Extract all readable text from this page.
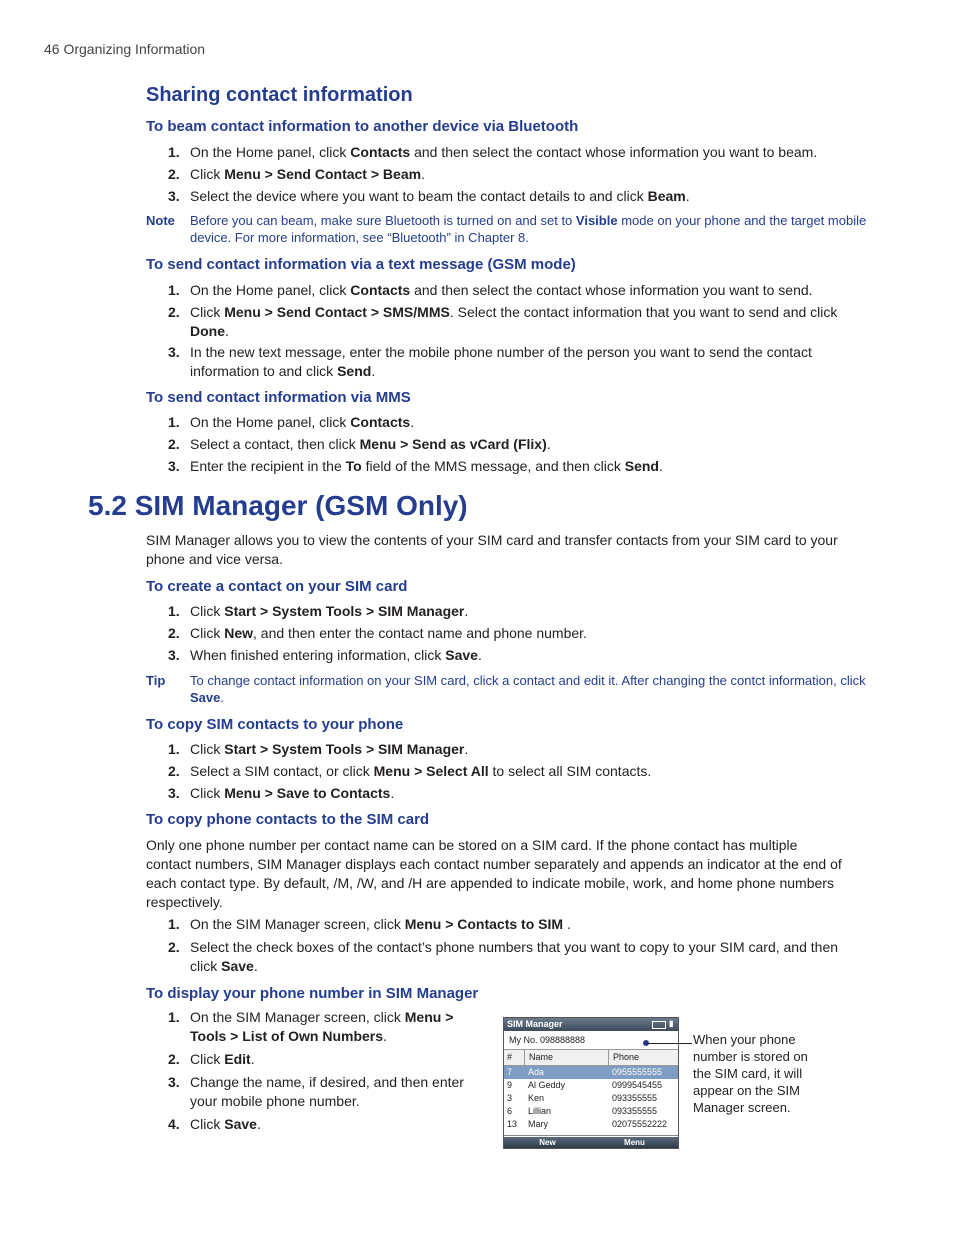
46 Organizing Information
Sharing contact information
To beam contact information to another device via Bluetooth
1. On the Home panel, click Contacts and then select the contact whose information you want to beam.
2. Click Menu > Send Contact > Beam.
3. Select the device where you want to beam the contact details to and click Beam.
Note	Before you can beam, make sure Bluetooth is turned on and set to Visible mode on your phone and the target mobile device. For more information, see “Bluetooth” in Chapter 8.
To send contact information via a text message (GSM mode)
1. On the Home panel, click Contacts and then select the contact whose information you want to send.
2. Click Menu > Send Contact > SMS/MMS. Select the contact information that you want to send and click Done.
3. In the new text message, enter the mobile phone number of the person you want to send the contact information to and click Send.
To send contact information via MMS
1. On the Home panel, click Contacts.
2. Select a contact, then click Menu > Send as vCard (Flix).
3. Enter the recipient in the To field of the MMS message, and then click Send.
5.2 SIM Manager (GSM Only)
SIM Manager allows you to view the contents of your SIM card and transfer contacts from your SIM card to your phone and vice versa.
To create a contact on your SIM card
1. Click Start > System Tools > SIM Manager.
2. Click New, and then enter the contact name and phone number.
3. When finished entering information, click Save.
Tip	To change contact information on your SIM card, click a contact and edit it. After changing the contct information, click Save.
To copy SIM contacts to your phone
1. Click Start > System Tools > SIM Manager.
2. Select a SIM contact, or click Menu > Select All to select all SIM contacts.
3. Click Menu > Save to Contacts.
To copy phone contacts to the SIM card
Only one phone number per contact name can be stored on a SIM card. If the phone contact has multiple contact numbers, SIM Manager displays each contact number separately and appends an indicator at the end of each contact type. By default, /M, /W, and /H are appended to indicate mobile, work, and home phone numbers respectively.
1. On the SIM Manager screen, click Menu > Contacts to SIM .
2. Select the check boxes of the contact’s phone numbers that you want to copy to your SIM card, and then click Save.
To display your phone number in SIM Manager
1. On the SIM Manager screen, click Menu > Tools > List of Own Numbers.
2. Click Edit.
3. Change the name, if desired, and then enter your mobile phone number.
4. Click Save.
SIM Manager	▮
My No. 098888888
#	Name	Phone
7	Ada	0955555555
9	Al Geddy	0999545455
3	Ken	093355555
6	Lillian	093355555
13	Mary	02075552222
New	Menu
When your phone number is stored on the SIM card, it will appear on the SIM Manager screen.
